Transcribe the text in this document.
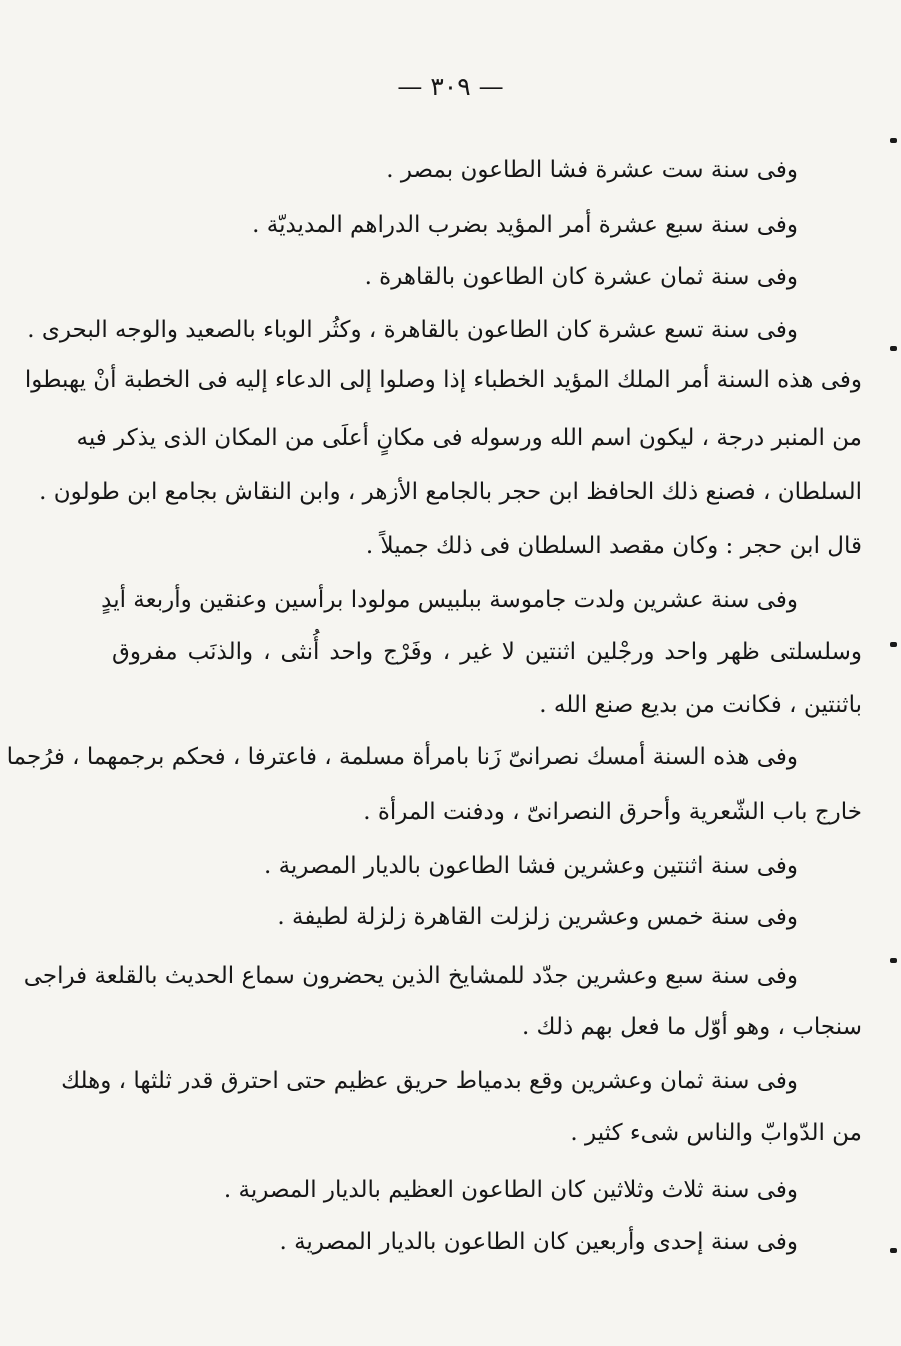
— ٣٠٩ —
وفى سنة ست عشرة فشا الطاعون بمصر .
وفى سنة سبع عشرة أمر المؤيد بضرب الدراهم المديديّة .
وفى سنة ثمان عشرة كان الطاعون بالقاهرة .
وفى سنة تسع عشرة كان الطاعون بالقاهرة ، وكثُر الوباء بالصعيد والوجه البحرى .
وفى هذه السنة أمر الملك المؤيد الخطباء إذا وصلوا إلى الدعاء إليه فى الخطبة أنْ يهبطوا
من المنبر درجة ، ليكون اسم الله ورسوله فى مكانٍ أعلَى من المكان الذى يذكر فيه
السلطان ، فصنع ذلك الحافظ ابن حجر بالجامع الأزهر ، وابن النقاش بجامع ابن طولون .
قال ابن حجر : وكان مقصد السلطان فى ذلك جميلاً .
وفى سنة عشرين ولدت جاموسة ببلبيس مولودا برأسين وعنقين وأربعة أيدٍ
وسلسلتى ظهر واحد ورجْلين اثنتين لا غير ، وفَرْج واحد أُنثى ، والذنَب مفروق
باثنتين ، فكانت من بديع صنع الله .
وفى هذه السنة أمسك نصرانىّ زَنا بامرأة مسلمة ، فاعترفا ، فحكم برجمهما ، فرُجما
خارج باب الشّعرية وأحرق النصرانىّ ، ودفنت المرأة .
وفى سنة اثنتين وعشرين فشا الطاعون بالديار المصرية .
وفى سنة خمس وعشرين زلزلت القاهرة زلزلة لطيفة .
وفى سنة سبع وعشرين جدّد للمشايخ الذين يحضرون سماع الحديث بالقلعة فراجى
سنجاب ، وهو أوّل ما فعل بهم ذلك .
وفى سنة ثمان وعشرين وقع بدمياط حريق عظيم حتى احترق قدر ثلثها ، وهلك
من الدّوابّ والناس شىء كثير .
وفى سنة ثلاث وثلاثين كان الطاعون العظيم بالديار المصرية .
وفى سنة إحدى وأربعين كان الطاعون بالديار المصرية .
